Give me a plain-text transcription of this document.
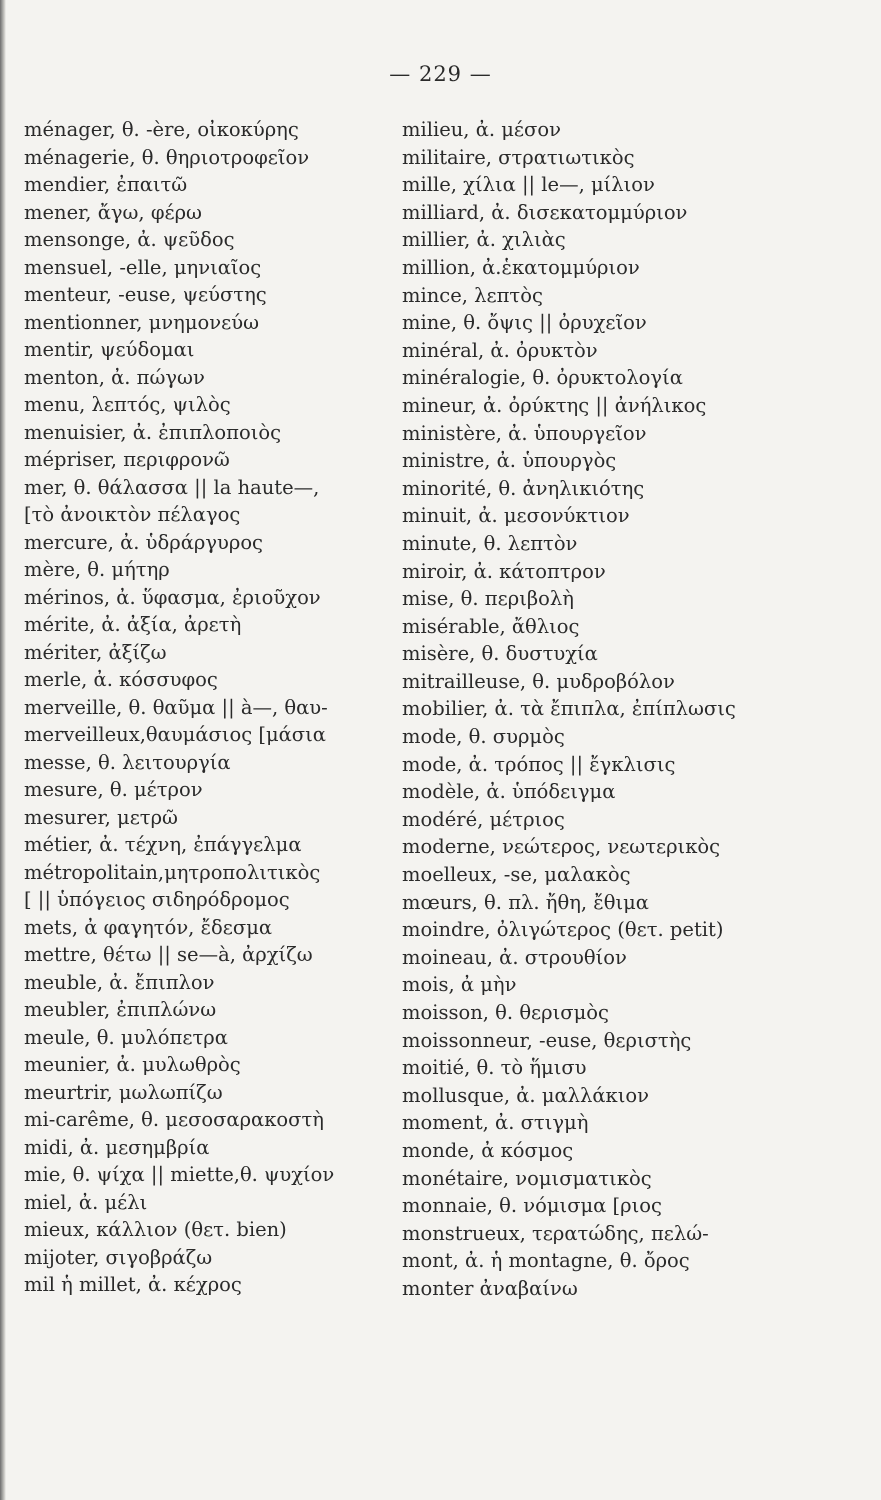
— 229 —
ménager, θ. -ère, οἰκοκύρης
ménagerie, θ. θηριοτροφεῖον
mendier, ἐπαιτῶ
mener, ἄγω, φέρω
mensonge, ἀ. ψεῦδος
mensuel, -elle, μηνιαῖος
menteur, -euse, ψεύστης
mentionner, μνημονεύω
mentir, ψεύδομαι
menton, ἀ. πώγων
menu, λεπτός, ψιλὸς
menuisier, ἀ. ἐπιπλοποιὸς
mépriser, περιφρονῶ
mer, θ. θάλασσα || la haute—,
[τὸ ἀνοικτὸν πέλαγος
mercure, ἀ. ὑδράργυρος
mère, θ. μήτηρ
mérinos, ἀ. ὕφασμα, ἐριοῦχον
mérite, ἀ. ἀξία, ἀρετὴ
mériter, ἀξίζω
merle, ἀ. κόσσυφος
merveille, θ. θαῦμα || à—, θαυ-
merveilleux,θαυμάσιος [μάσια
messe, θ. λειτουργία
mesure, θ. μέτρον
mesurer, μετρῶ
métier, ἀ. τέχνη, ἐπάγγελμα
métropolitain,μητροπολιτικὸς
[ || ὑπόγειος σιδηρόδρομος
mets, ἀ φαγητόν, ἔδεσμα
mettre, θέτω || se—à, ἀρχίζω
meuble, ἀ. ἔπιπλον
meubler, ἐπιπλώνω
meule, θ. μυλόπετρα
meunier, ἀ. μυλωθρὸς
meurtrir, μωλωπίζω
mi-carême, θ. μεσοσαρακοστὴ
midi, ἀ. μεσημβρία
mie, θ. ψίχα || miette,θ. ψυχίον
miel, ἀ. μέλι
mieux, κάλλιον (θετ. bien)
mijoter, σιγοβράζω
mil ἡ millet, ἀ. κέχρος
milieu, ἀ. μέσον
militaire, στρατιωτικὸς
mille, χίλια || le—, μίλιον
milliard, ἀ. δισεκατομμύριον
millier, ἀ. χιλιὰς
million, ἀ.ἑκατομμύριον
mince, λεπτὸς
mine, θ. ὄψις || ὀρυχεῖον
minéral, ἀ. ὀρυκτὸν
minéralogie, θ. ὀρυκτολογία
mineur, ἀ. ὀρύκτης || ἀνήλικος
ministère, ἀ. ὑπουργεῖον
ministre, ἀ. ὑπουργὸς
minorité, θ. ἀνηλικιότης
minuit, ἀ. μεσονύκτιον
minute, θ. λεπτὸν
miroir, ἀ. κάτοπτρον
mise, θ. περιβολὴ
misérable, ἄθλιος
misère, θ. δυστυχία
mitrailleuse, θ. μυδροβόλον
mobilier, ἀ. τὰ ἔπιπλα, ἐπίπλωσις
mode, θ. συρμὸς
mode, ἀ. τρόπος || ἔγκλισις
modèle, ἀ. ὑπόδειγμα
modéré, μέτριος
moderne, νεώτερος, νεωτερικὸς
moelleux, -se, μαλακὸς
mœurs, θ. πλ. ἤθη, ἔθιμα
moindre, ὀλιγώτερος (θετ. petit)
moineau, ἀ. στρουθίον
mois, ἀ μὴν
moisson, θ. θερισμὸς
moissonneur, -euse, θεριστὴς
moitié, θ. τὸ ἥμισυ
mollusque, ἀ. μαλλάκιον
moment, ἀ. στιγμὴ
monde, ἀ κόσμος
monétaire, νομισματικὸς
monnaie, θ. νόμισμα [ριος
monstrueux, τερατώδης, πελώ-
mont, ἀ. ἡ montagne, θ. ὄρος
monter ἀναβαίνω
